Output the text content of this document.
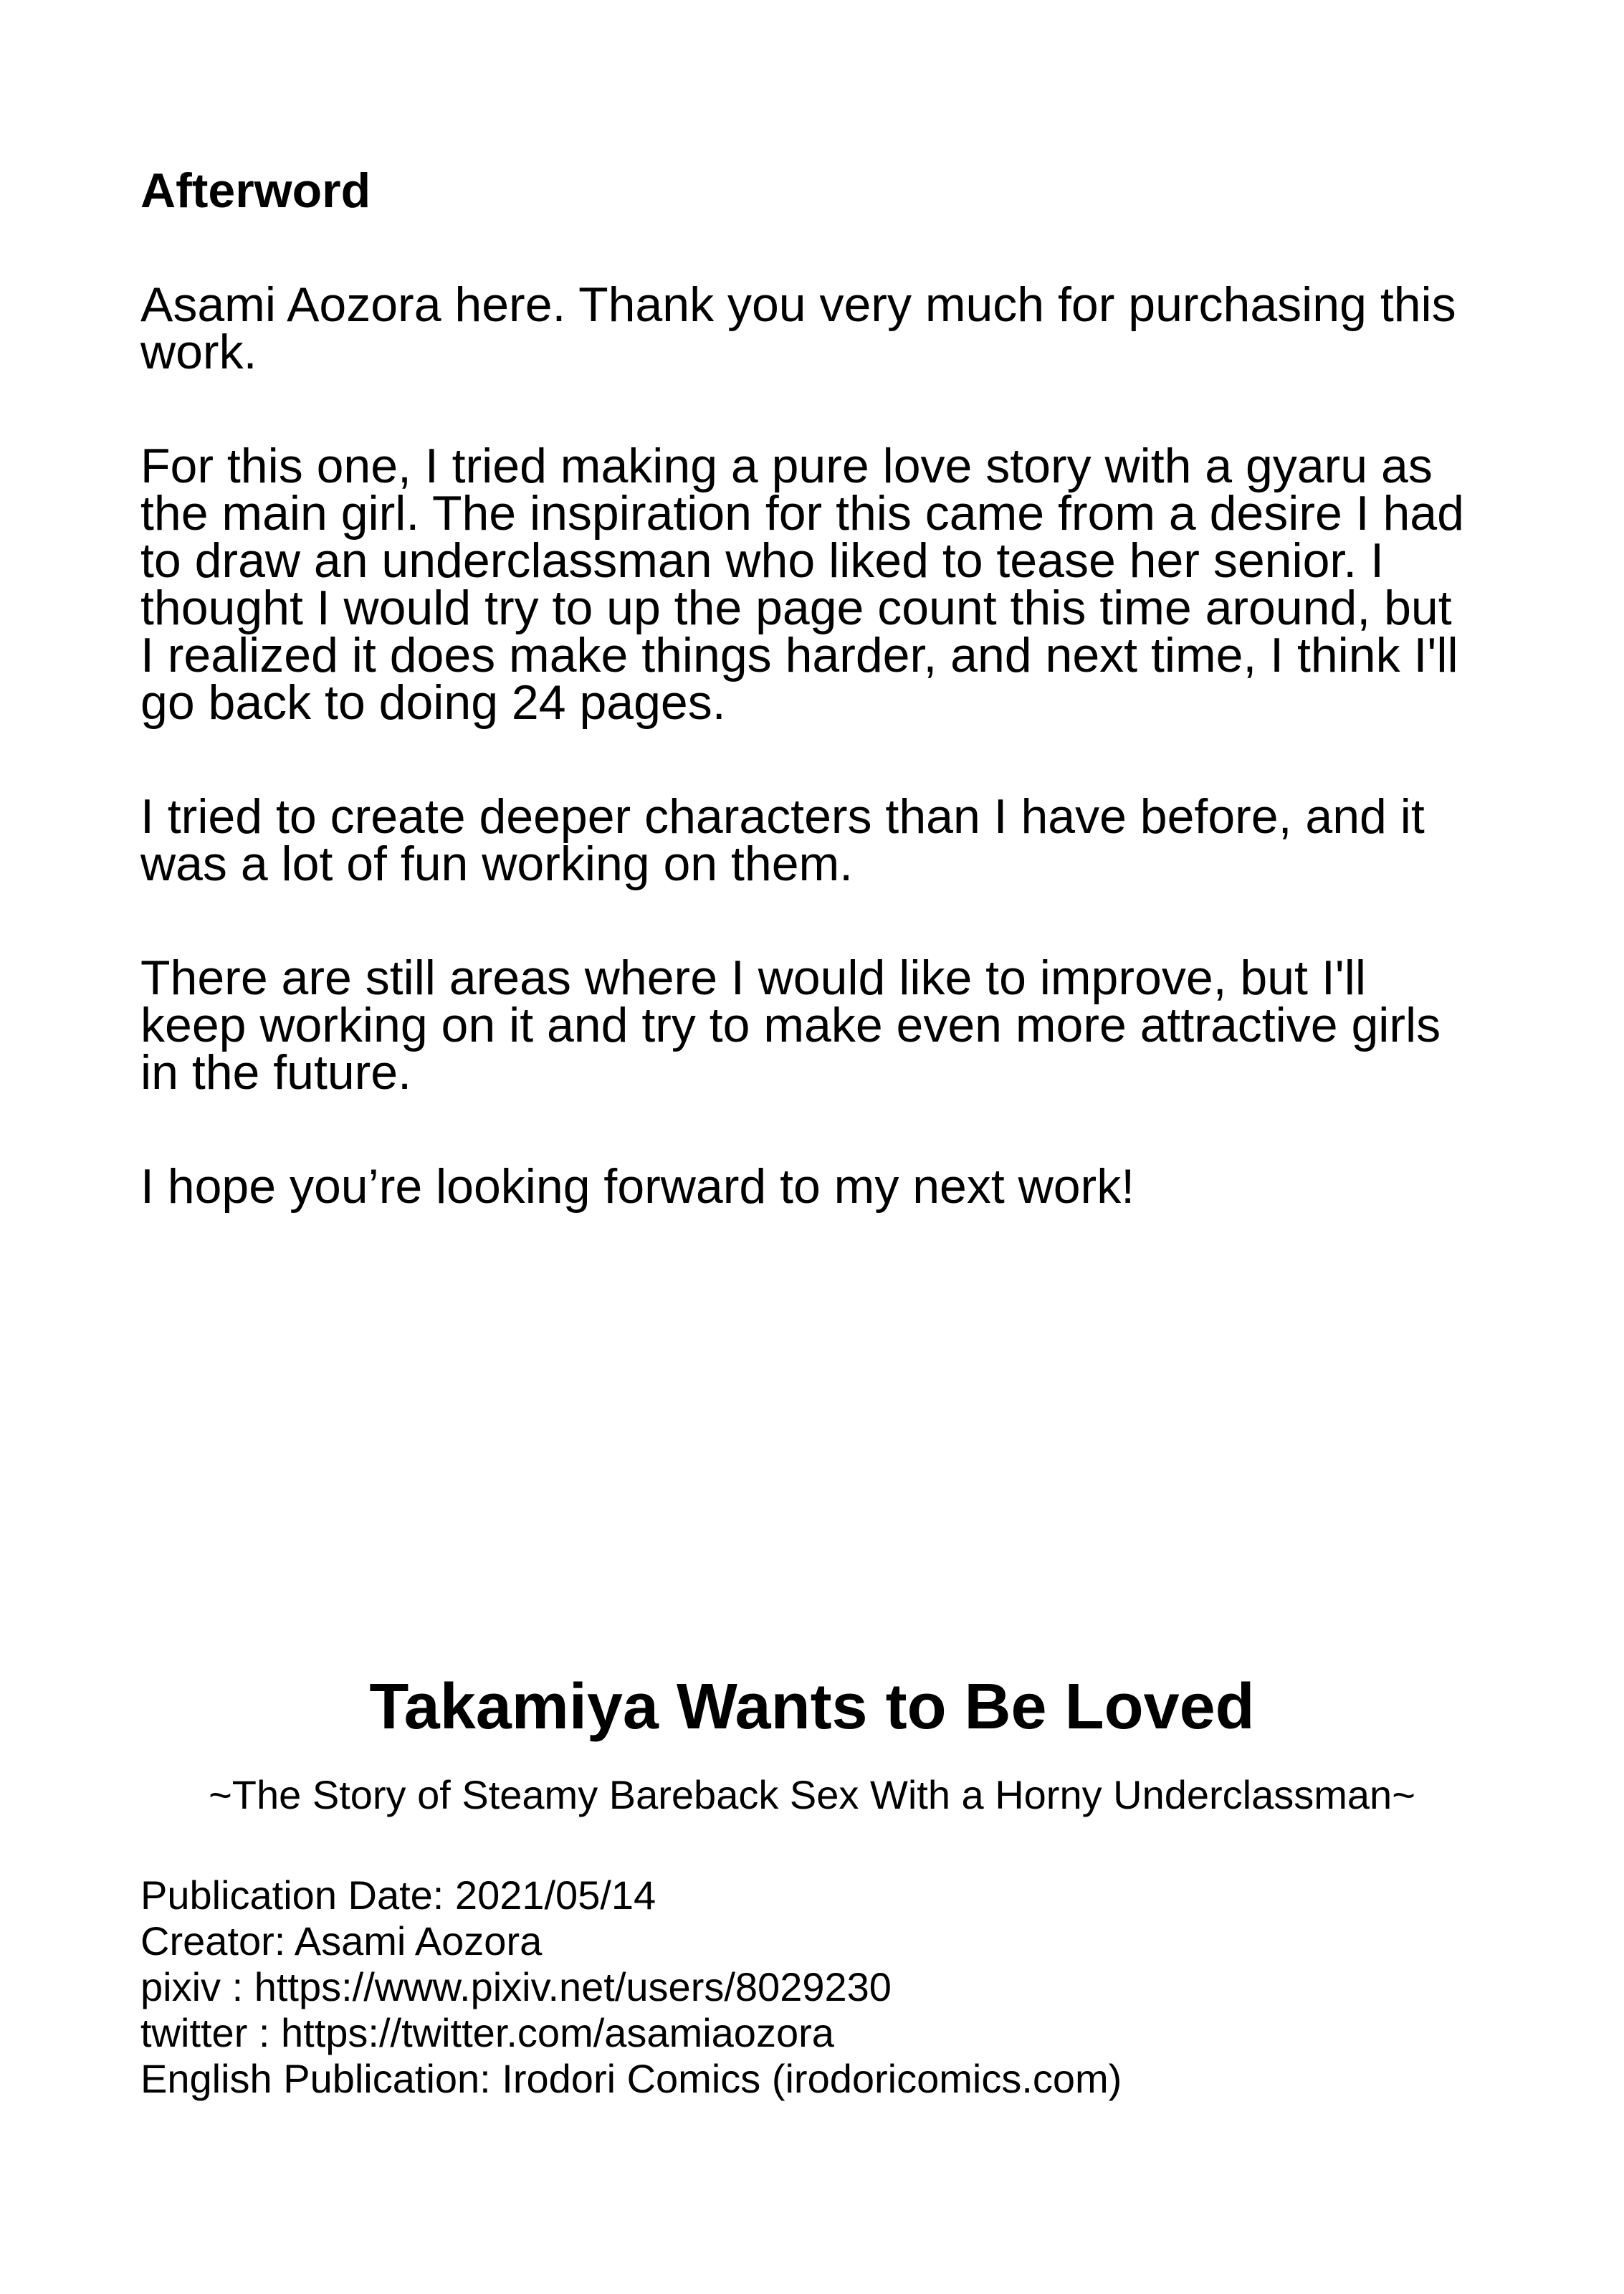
Afterword
Asami Aozora here. Thank you very much for purchasing this
work.
For this one, I tried making a pure love story with a gyaru as
the main girl. The inspiration for this came from a desire I had
to draw an underclassman who liked to tease her senior. I
thought I would try to up the page count this time around, but
I realized it does make things harder, and next time, I think I'll
go back to doing 24 pages.
I tried to create deeper characters than I have before, and it
was a lot of fun working on them.
There are still areas where I would like to improve, but I'll
keep working on it and try to make even more attractive girls
in the future.
I hope you’re looking forward to my next work!
Takamiya Wants to Be Loved
~The Story of Steamy Bareback Sex With a Horny Underclassman~
Publication Date: 2021/05/14
Creator: Asami Aozora
pixiv : https://www.pixiv.net/users/8029230
twitter : https://twitter.com/asamiaozora
English Publication: Irodori Comics (irodoricomics.com)
